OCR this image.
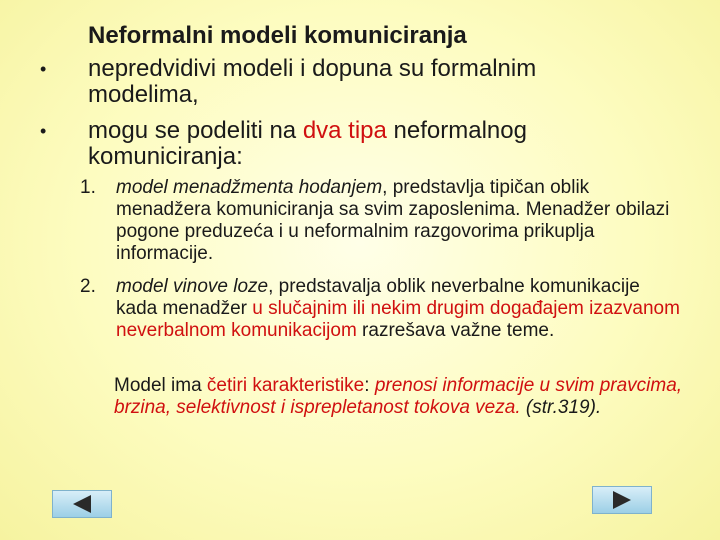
Neformalni modeli komuniciranja
• nepredvidivi modeli i dopuna su formalnim modelima,
• mogu se podeliti na dva tipa neformalnog komuniciranja:
1. model menadžmenta hodanjem, predstavlja tipičan oblik menadžera komuniciranja sa svim zaposlenima. Menadžer obilazi pogone preduzeća i u neformalnim razgovorima prikuplja informacije.
2. model vinove loze, predstavalja oblik neverbalne komunikacije kada menadžer u slučajnim ili nekim drugim događajem izazvanom neverbalnom komunikacijom razrešava važne teme.
Model ima četiri karakteristike: prenosi informacije u svim pravcima, brzina, selektivnost i isprepletanost tokova veza. (str.319).
